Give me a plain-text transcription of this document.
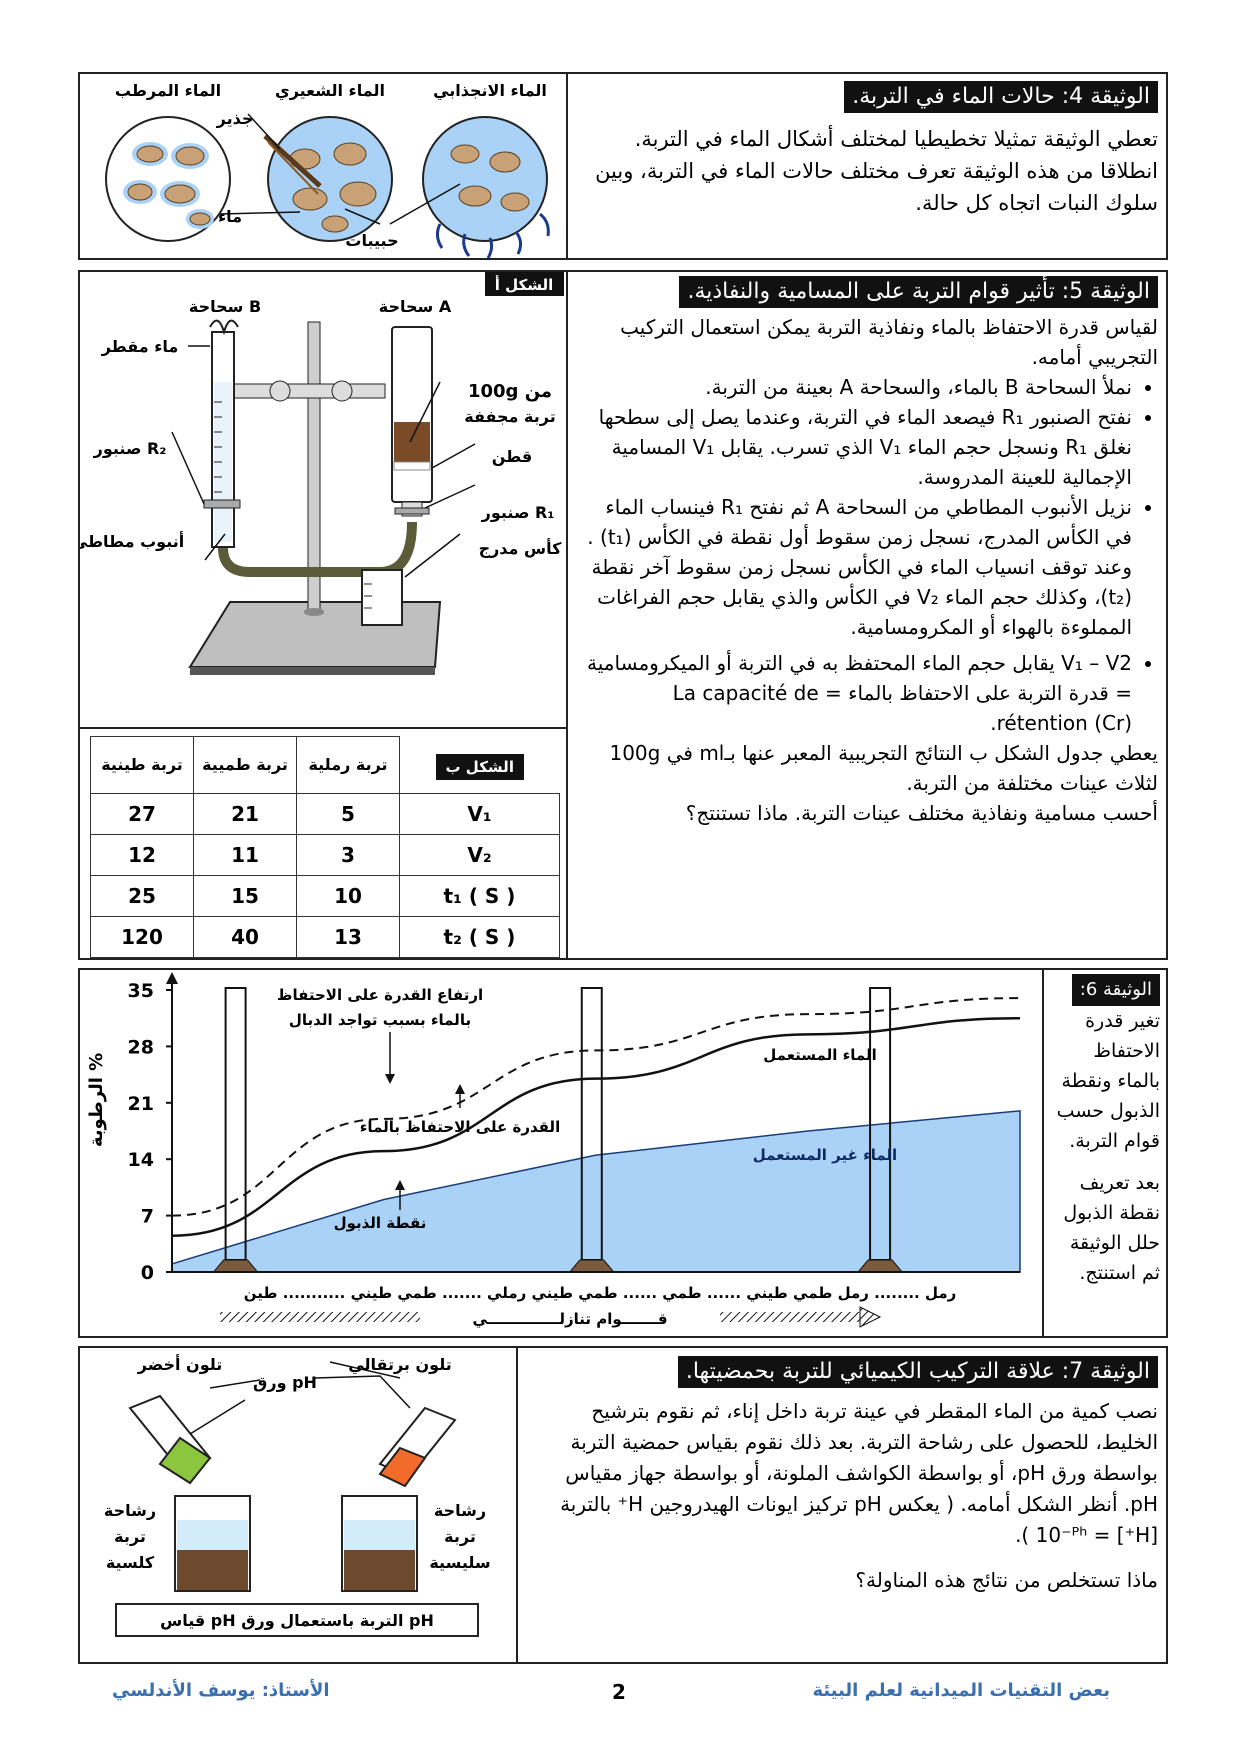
الماء الانجذابي
الماء الشعيري
الماء المرطب
جذير
ماء
حبيبات
الوثيقة 4: حالات الماء في التربة.
تعطي الوثيقة تمثيلا تخطيطيا لمختلف أشكال الماء في التربة. انطلاقا من هذه الوثيقة تعرف مختلف حالات الماء في التربة، وبين سلوك النبات اتجاه كل حالة.
الشكل أ
سحاحة A
سحاحة B
ماء مقطر
100g من
تربة مجففة
صنبور R₂	قطن
صنبور R₁
أنبوب مطاطي	كأس مدرج
تربة طينية	تربة طميية	تربة رملية	الشكل ب
27	21	5	V₁
12	11	3	V₂
25	15	10	t₁ ( S )
120	40	13	t₂ ( S )
الوثيقة 5: تأثير قوام التربة على المسامية والنفاذية.
لقياس قدرة الاحتفاظ بالماء ونفاذية التربة يمكن استعمال التركيب التجريبي أمامه.
• نملأ السحاحة B بالماء، والسحاحة A بعينة من التربة.
• نفتح الصنبور R₁ فيصعد الماء في التربة، وعندما يصل إلى سطحها نغلق R₁ ونسجل حجم الماء V₁ الذي تسرب. يقابل V₁ المسامية الإجمالية للعينة المدروسة.
• نزيل الأنبوب المطاطي من السحاحة A ثم نفتح R₁ فينساب الماء في الكأس المدرج، نسجل زمن سقوط أول نقطة في الكأس (t₁) . وعند توقف انسياب الماء في الكأس نسجل زمن سقوط آخر نقطة (t₂)، وكذلك حجم الماء V₂ في الكأس والذي يقابل حجم الفراغات المملوءة بالهواء أو المكرومسامية.
• V₁ – V2 يقابل حجم الماء المحتفظ به في التربة أو الميكرومسامية = قدرة التربة على الاحتفاظ بالماء = La capacité de rétention (Cr).
يعطي جدول الشكل ب النتائج التجريبية المعبر عنها بـml في 100g لثلاث عينات مختلفة من التربة.
أحسب مسامية ونفاذية مختلف عينات التربة. ماذا تستنتج؟
الوثيقة 6:
تغير قدرة الاحتفاظ بالماء ونقطة الذبول حسب قوام التربة.
بعد تعريف نقطة الذبول حلل الوثيقة ثم استنتج.
0
7
14
21
28
35
الرطوبة %
ارتفاع القدرة على الاحتفاظ
بالماء بسبب تواجد الدبال
الماء المستعمل
القدرة على الاحتفاظ بالماء
الماء غير المستعمل
نقطة الذبول
رمل ........ رمل طمي طيني ...... طمي ...... طمي طيني رملي ....... طمي طيني ........... طين
قـــــــوام تنازلــــــــــــــي
تلون برتقالي
تلون أخضر
ورق pH
رشاحة
تربة
سليسية
رشاحة
تربة
كلسية
قياس pH التربة باستعمال ورق pH
الوثيقة 7: علاقة التركيب الكيميائي للتربة بحمضيتها.
نصب كمية من الماء المقطر في عينة تربة داخل إناء، ثم نقوم بترشيح الخليط، للحصول على رشاحة التربة. بعد ذلك نقوم بقياس حمضية التربة بواسطة ورق pH، أو بواسطة الكواشف الملونة، أو بواسطة جهاز مقياس pH. أنظر الشكل أمامه. ( يعكس pH تركيز ايونات الهيدروجين H⁺ بالتربة [H⁺] = 10⁻ᴾʰ ).
ماذا تستخلص من نتائج هذه المناولة؟
بعض التقنيات الميدانية لعلم البيئة
2
الأستاذ: يوسف الأندلسي
